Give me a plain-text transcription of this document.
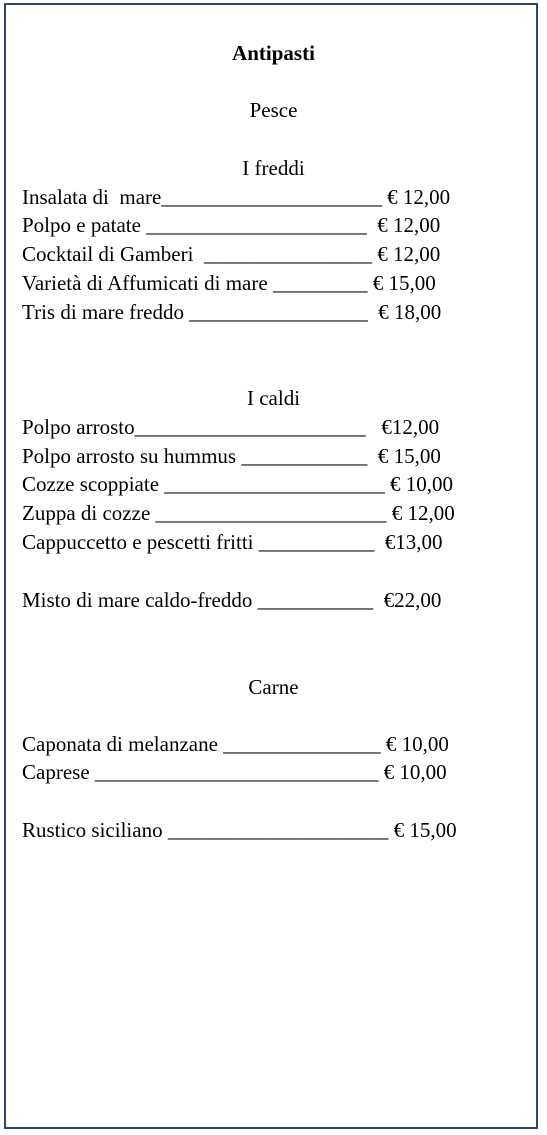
Antipasti
Pesce
I freddi
Insalata di  mare_____________________ € 12,00
Polpo e patate _____________________  € 12,00
Cocktail di Gamberi  ________________ € 12,00
Varietà di Affumicati di mare _________ € 15,00
Tris di mare freddo _________________  € 18,00
I caldi
Polpo arrosto______________________   €12,00
Polpo arrosto su hummus ____________  € 15,00
Cozze scoppiate _____________________ € 10,00
Zuppa di cozze ______________________ € 12,00
Cappuccetto e pescetti fritti ___________  €13,00
Misto di mare caldo-freddo ___________  €22,00
Carne
Caponata di melanzane _______________ € 10,00
Caprese ___________________________ € 10,00
Rustico siciliano _____________________ € 15,00
